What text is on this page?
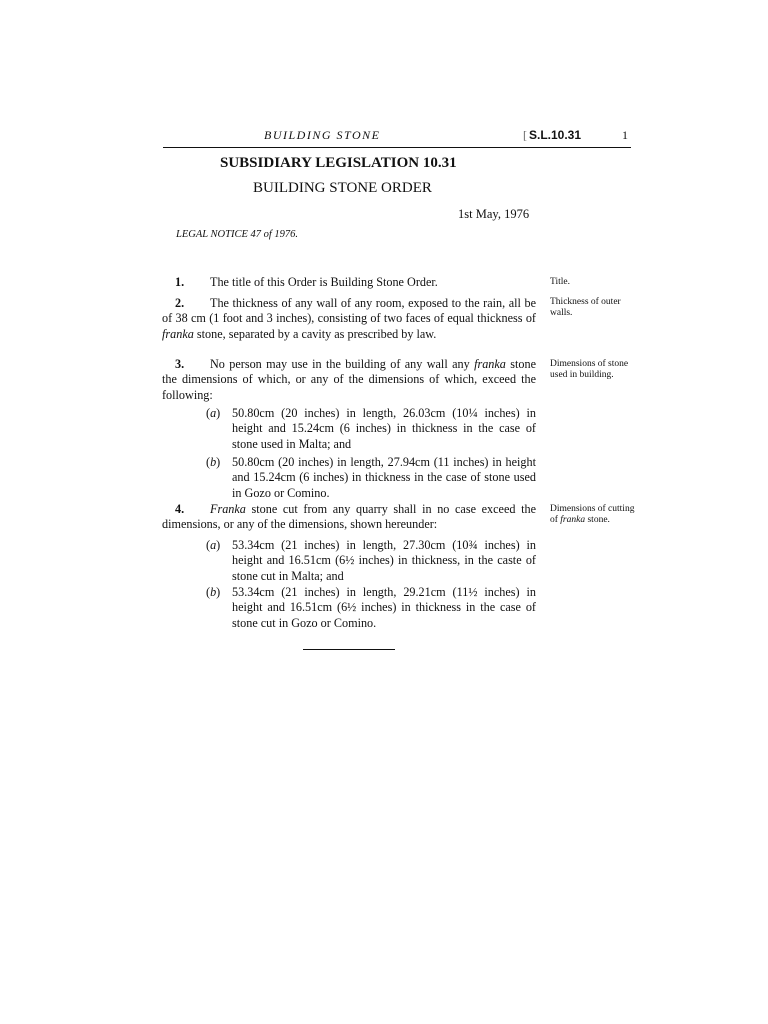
BUILDING STONE	[ S.L.10.31	1
SUBSIDIARY LEGISLATION 10.31
BUILDING STONE ORDER
1st May, 1976
LEGAL NOTICE 47 of 1976.
1. The title of this Order is Building Stone Order.
2. The thickness of any wall of any room, exposed to the rain, all be of 38 cm (1 foot and 3 inches), consisting of two faces of equal thickness of franka stone, separated by a cavity as prescribed by law.
3. No person may use in the building of any wall any franka stone the dimensions of which, or any of the dimensions of which, exceed the following:
(a) 50.80cm (20 inches) in length, 26.03cm (10¼ inches) in height and 15.24cm (6 inches) in thickness in the case of stone used in Malta; and
(b) 50.80cm (20 inches) in length, 27.94cm (11 inches) in height and 15.24cm (6 inches) in thickness in the case of stone used in Gozo or Comino.
4. Franka stone cut from any quarry shall in no case exceed the dimensions, or any of the dimensions, shown hereunder:
(a) 53.34cm (21 inches) in length, 27.30cm (10¾ inches) in height and 16.51cm (6½ inches) in thickness, in the caste of stone cut in Malta; and
(b) 53.34cm (21 inches) in length, 29.21cm (11½ inches) in height and 16.51cm (6½ inches) in thickness in the case of stone cut in Gozo or Comino.
Title.
Thickness of outer walls.
Dimensions of stone used in building.
Dimensions of cutting of franka stone.
